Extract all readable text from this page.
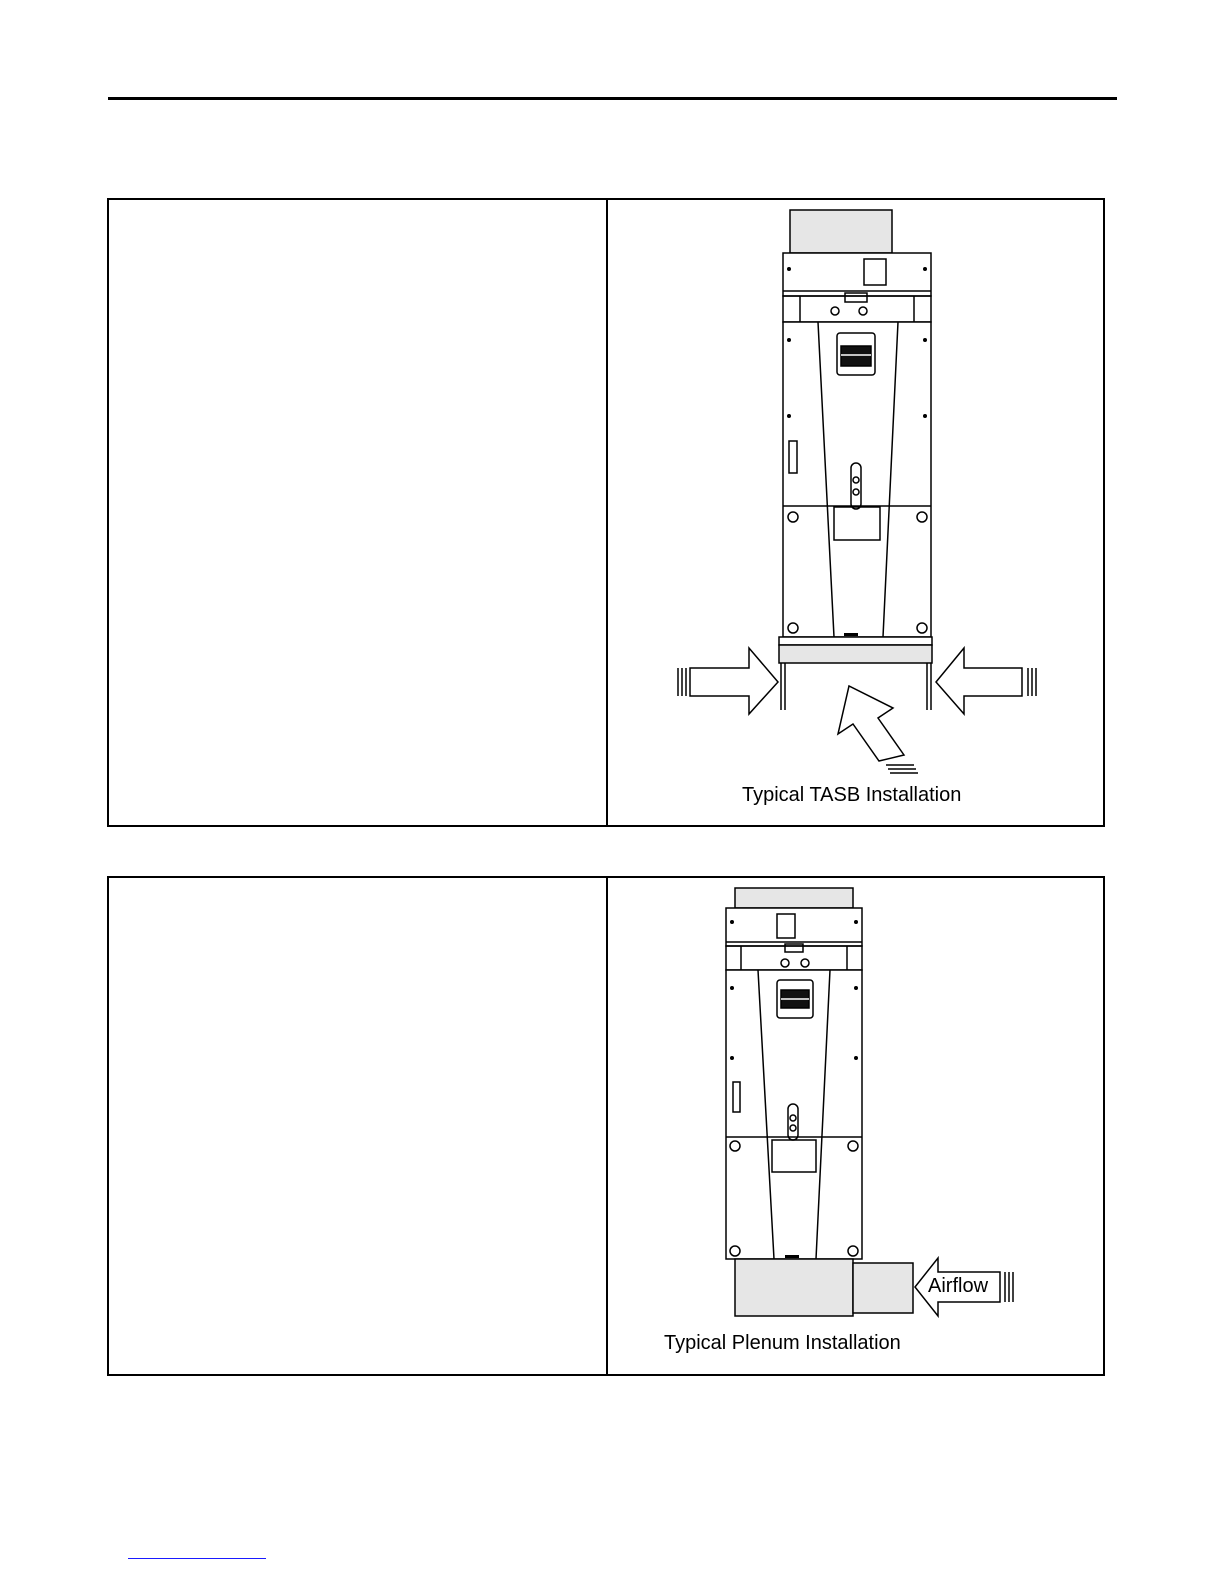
Typical TASB Installation
Airflow
Typical Plenum Installation
